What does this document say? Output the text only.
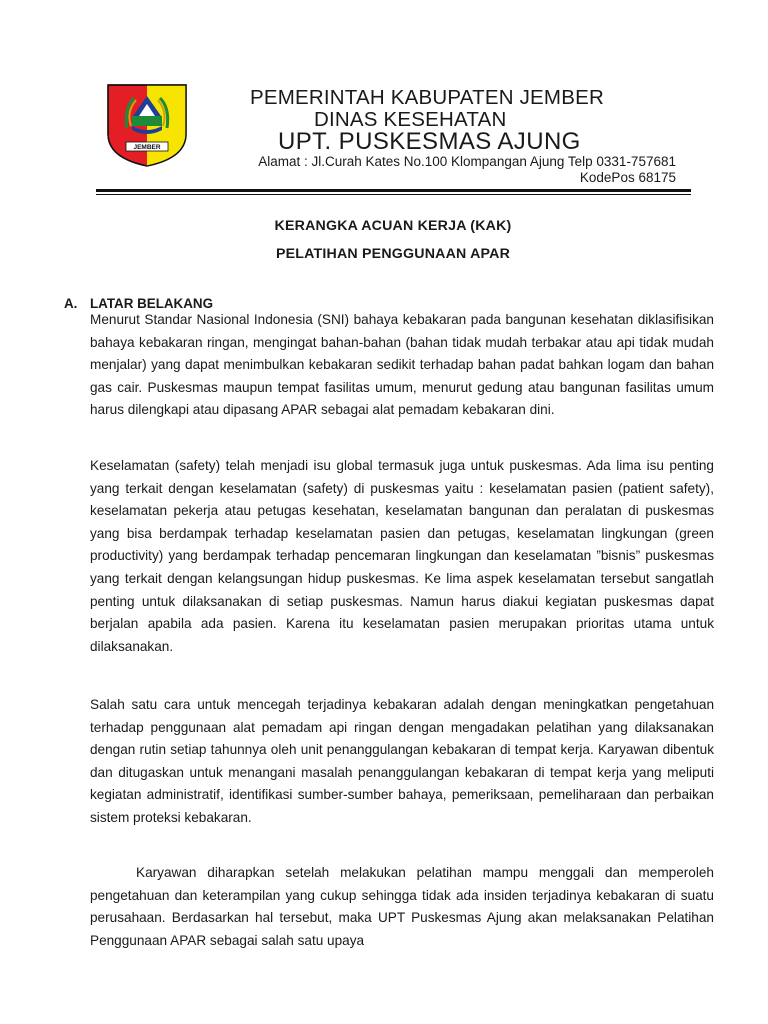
JEMBER
PEMERINTAH KABUPATEN JEMBER
DINAS KESEHATAN
UPT. PUSKESMAS AJUNG
Alamat : Jl.Curah Kates No.100 Klompangan Ajung Telp 0331-757681
KodePos 68175
KERANGKA ACUAN KERJA (KAK)
PELATIHAN PENGGUNAAN APAR
A. LATAR BELAKANG

Menurut Standar Nasional Indonesia (SNI) bahaya kebakaran pada bangunan kesehatan diklasifisikan bahaya kebakaran ringan, mengingat bahan-bahan (bahan tidak mudah terbakar atau api tidak mudah menjalar) yang dapat menimbulkan kebakaran sedikit terhadap bahan padat bahkan logam dan bahan gas cair. Puskesmas maupun tempat fasilitas umum, menurut gedung atau bangunan fasilitas umum harus dilengkapi atau dipasang APAR sebagai alat pemadam kebakaran dini.

Keselamatan (safety) telah menjadi isu global termasuk juga untuk puskesmas. Ada lima isu penting yang terkait dengan keselamatan (safety) di puskesmas yaitu : keselamatan pasien (patient safety), keselamatan pekerja atau petugas kesehatan, keselamatan bangunan dan peralatan di puskesmas yang bisa berdampak terhadap keselamatan pasien dan petugas, keselamatan lingkungan (green productivity) yang berdampak terhadap pencemaran lingkungan dan keselamatan ”bisnis” puskesmas yang terkait dengan kelangsungan hidup puskesmas. Ke lima aspek keselamatan tersebut sangatlah penting untuk dilaksanakan di setiap puskesmas. Namun harus diakui kegiatan puskesmas dapat berjalan apabila ada pasien. Karena itu keselamatan pasien merupakan prioritas utama untuk dilaksanakan.

Salah satu cara untuk mencegah terjadinya kebakaran adalah dengan meningkatkan pengetahuan terhadap penggunaan alat pemadam api ringan dengan mengadakan pelatihan yang dilaksanakan dengan rutin setiap tahunnya oleh unit penanggulangan kebakaran di tempat kerja. Karyawan dibentuk dan ditugaskan untuk menangani masalah penanggulangan kebakaran di tempat kerja yang meliputi kegiatan administratif, identifikasi sumber-sumber bahaya, pemeriksaan, pemeliharaan dan perbaikan sistem proteksi kebakaran.

Karyawan diharapkan setelah melakukan pelatihan mampu menggali dan memperoleh pengetahuan dan keterampilan yang cukup sehingga tidak ada insiden terjadinya kebakaran di suatu perusahaan. Berdasarkan hal tersebut, maka UPT Puskesmas Ajung akan melaksanakan Pelatihan Penggunaan APAR sebagai salah satu upaya
